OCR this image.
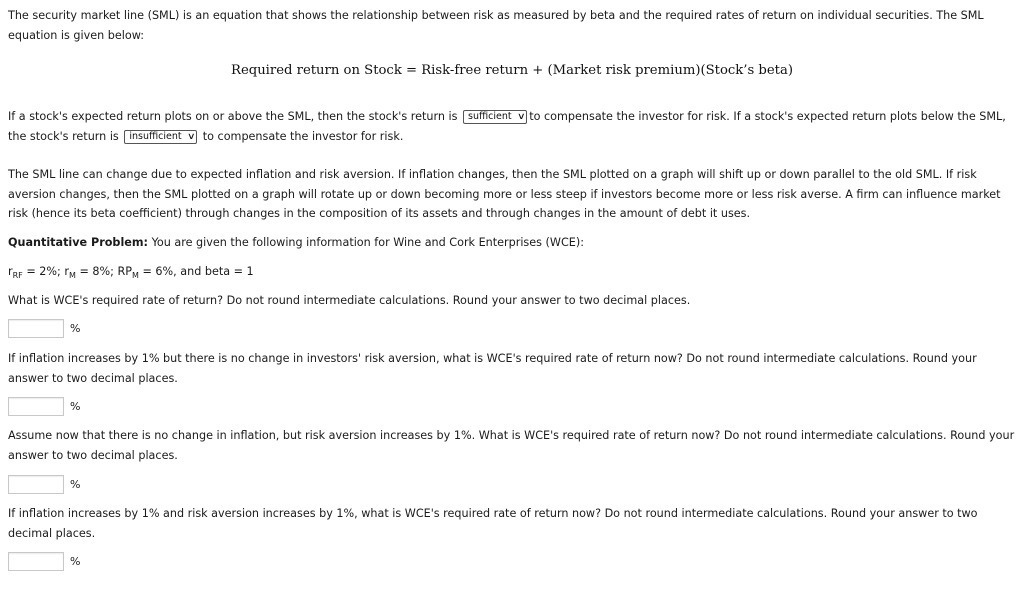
The security market line (SML) is an equation that shows the relationship between risk as measured by beta and the required rates of return on individual securities. The SML
equation is given below:
Required return on Stock = Risk-free return + (Market risk premium)(Stock’s beta)
If a stock's expected return plots on or above the SML, then the stock's return is sufficient ∨ to compensate the investor for risk. If a stock's expected return plots below the SML,
the stock's return is insufficient ∨ to compensate the investor for risk.
The SML line can change due to expected inflation and risk aversion. If inflation changes, then the SML plotted on a graph will shift up or down parallel to the old SML. If risk
aversion changes, then the SML plotted on a graph will rotate up or down becoming more or less steep if investors become more or less risk averse. A firm can influence market
risk (hence its beta coefficient) through changes in the composition of its assets and through changes in the amount of debt it uses.
Quantitative Problem: You are given the following information for Wine and Cork Enterprises (WCE):
$r_{RF} = 2\%$; $r_M = 8\%$; $RP_M = 6\%$, and beta = 1
What is WCE's required rate of return? Do not round intermediate calculations. Round your answer to two decimal places.
%
If inflation increases by 1% but there is no change in investors' risk aversion, what is WCE's required rate of return now? Do not round intermediate calculations. Round your
answer to two decimal places.
%
Assume now that there is no change in inflation, but risk aversion increases by 1%. What is WCE's required rate of return now? Do not round intermediate calculations. Round your
answer to two decimal places.
%
If inflation increases by 1% and risk aversion increases by 1%, what is WCE's required rate of return now? Do not round intermediate calculations. Round your answer to two
decimal places.
%
